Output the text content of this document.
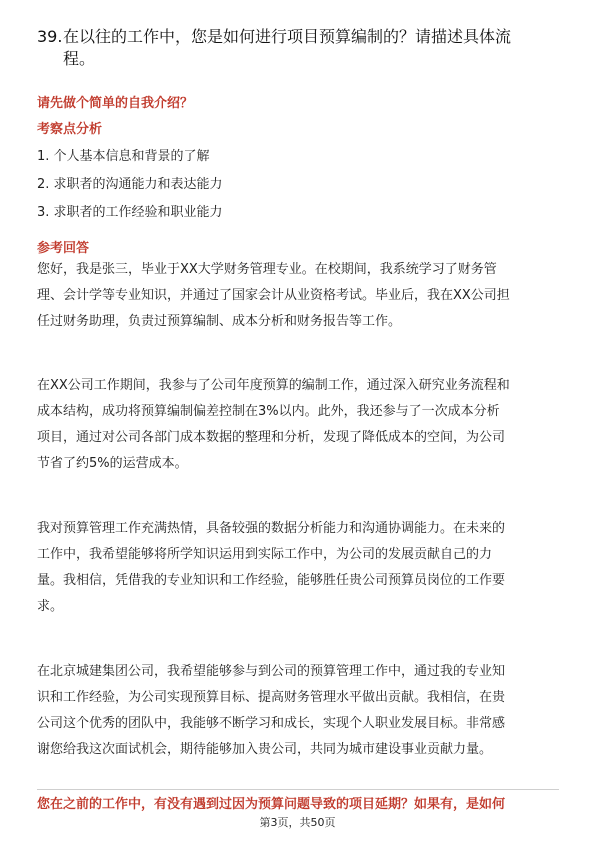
39.在以往的工作中，您是如何进行项目预算编制的？请描述具体流
程。
请先做个简单的自我介绍？
考察点分析
1. 个人基本信息和背景的了解
2. 求职者的沟通能力和表达能力
3. 求职者的工作经验和职业能力
参考回答
您好，我是张三，毕业于XX大学财务管理专业。在校期间，我系统学习了财务管
理、会计学等专业知识，并通过了国家会计从业资格考试。毕业后，我在XX公司担
任过财务助理，负责过预算编制、成本分析和财务报告等工作。
在XX公司工作期间，我参与了公司年度预算的编制工作，通过深入研究业务流程和
成本结构，成功将预算编制偏差控制在3%以内。此外，我还参与了一次成本分析
项目，通过对公司各部门成本数据的整理和分析，发现了降低成本的空间，为公司
节省了约5%的运营成本。
我对预算管理工作充满热情，具备较强的数据分析能力和沟通协调能力。在未来的
工作中，我希望能够将所学知识运用到实际工作中，为公司的发展贡献自己的力
量。我相信，凭借我的专业知识和工作经验，能够胜任贵公司预算员岗位的工作要
求。
在北京城建集团公司，我希望能够参与到公司的预算管理工作中，通过我的专业知
识和工作经验，为公司实现预算目标、提高财务管理水平做出贡献。我相信，在贵
公司这个优秀的团队中，我能够不断学习和成长，实现个人职业发展目标。非常感
谢您给我这次面试机会，期待能够加入贵公司，共同为城市建设事业贡献力量。
您在之前的工作中，有没有遇到过因为预算问题导致的项目延期？如果有，是如何
第3页，共50页
